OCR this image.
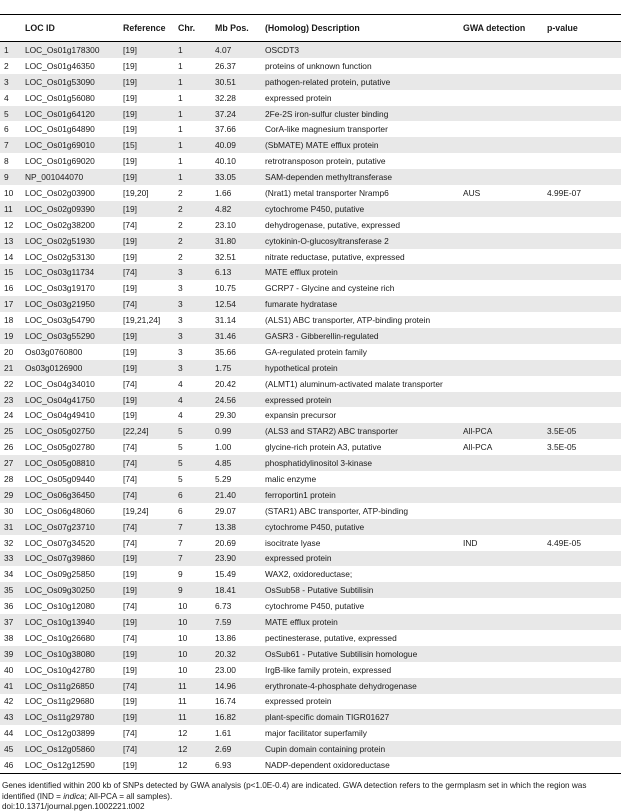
	LOC ID	Reference	Chr.	Mb Pos.	(Homolog) Description	GWA detection	p-value
1	LOC_Os01g178300	[19]	1	4.07	OSCDT3		
2	LOC_Os01g46350	[19]	1	26.37	proteins of unknown function		
3	LOC_Os01g53090	[19]	1	30.51	pathogen-related protein, putative		
4	LOC_Os01g56080	[19]	1	32.28	expressed protein		
5	LOC_Os01g64120	[19]	1	37.24	2Fe-2S iron-sulfur cluster binding		
6	LOC_Os01g64890	[19]	1	37.66	CorA-like magnesium transporter		
7	LOC_Os01g69010	[15]	1	40.09	(SbMATE) MATE efflux protein		
8	LOC_Os01g69020	[19]	1	40.10	retrotransposon protein, putative		
9	NP_001044070	[19]	1	33.05	SAM-dependen methyltransferase		
10	LOC_Os02g03900	[19,20]	2	1.66	(Nrat1) metal transporter Nramp6	AUS	4.99E-07
11	LOC_Os02g09390	[19]	2	4.82	cytochrome P450, putative		
12	LOC_Os02g38200	[74]	2	23.10	dehydrogenase, putative, expressed		
13	LOC_Os02g51930	[19]	2	31.80	cytokinin-O-glucosyltransferase 2		
14	LOC_Os02g53130	[19]	2	32.51	nitrate reductase, putative, expressed		
15	LOC_Os03g11734	[74]	3	6.13	MATE efflux protein		
16	LOC_Os03g19170	[19]	3	10.75	GCRP7 - Glycine and cysteine rich		
17	LOC_Os03g21950	[74]	3	12.54	fumarate hydratase		
18	LOC_Os03g54790	[19,21,24]	3	31.14	(ALS1) ABC transporter, ATP-binding protein		
19	LOC_Os03g55290	[19]	3	31.46	GASR3 - Gibberellin-regulated		
20	Os03g0760800	[19]	3	35.66	GA-regulated protein family		
21	Os03g0126900	[19]	3	1.75	hypothetical protein		
22	LOC_Os04g34010	[74]	4	20.42	(ALMT1) aluminum-activated malate transporter		
23	LOC_Os04g41750	[19]	4	24.56	expressed protein		
24	LOC_Os04g49410	[19]	4	29.30	expansin precursor		
25	LOC_Os05g02750	[22,24]	5	0.99	(ALS3 and STAR2) ABC transporter	All-PCA	3.5E-05
26	LOC_Os05g02780	[74]	5	1.00	glycine-rich protein A3, putative	All-PCA	3.5E-05
27	LOC_Os05g08810	[74]	5	4.85	phosphatidylinositol 3-kinase		
28	LOC_Os05g09440	[74]	5	5.29	malic enzyme		
29	LOC_Os06g36450	[74]	6	21.40	ferroportin1 protein		
30	LOC_Os06g48060	[19,24]	6	29.07	(STAR1) ABC transporter, ATP-binding		
31	LOC_Os07g23710	[74]	7	13.38	cytochrome P450, putative		
32	LOC_Os07g34520	[74]	7	20.69	isocitrate lyase	IND	4.49E-05
33	LOC_Os07g39860	[19]	7	23.90	expressed protein		
34	LOC_Os09g25850	[19]	9	15.49	WAX2, oxidoreductase;		
35	LOC_Os09g30250	[19]	9	18.41	OsSub58 - Putative Subtilisin		
36	LOC_Os10g12080	[74]	10	6.73	cytochrome P450, putative		
37	LOC_Os10g13940	[19]	10	7.59	MATE efflux protein		
38	LOC_Os10g26680	[74]	10	13.86	pectinesterase, putative, expressed		
39	LOC_Os10g38080	[19]	10	20.32	OsSub61 - Putative Subtilisin homologue		
40	LOC_Os10g42780	[19]	10	23.00	IrgB-like family protein, expressed		
41	LOC_Os11g26850	[74]	11	14.96	erythronate-4-phosphate dehydrogenase		
42	LOC_Os11g29680	[19]	11	16.74	expressed protein		
43	LOC_Os11g29780	[19]	11	16.82	plant-specific domain TIGR01627		
44	LOC_Os12g03899	[74]	12	1.61	major facilitator superfamily		
45	LOC_Os12g05860	[74]	12	2.69	Cupin domain containing protein		
46	LOC_Os12g12590	[19]	12	6.93	NADP-dependent oxidoreductase		
Genes identified within 200 kb of SNPs detected by GWA analysis (p<1.0E-0.4) are indicated. GWA detection refers to the germplasm set in which the region was identified (IND = indica; All-PCA = all samples).
doi:10.1371/journal.pgen.1002221.t002
